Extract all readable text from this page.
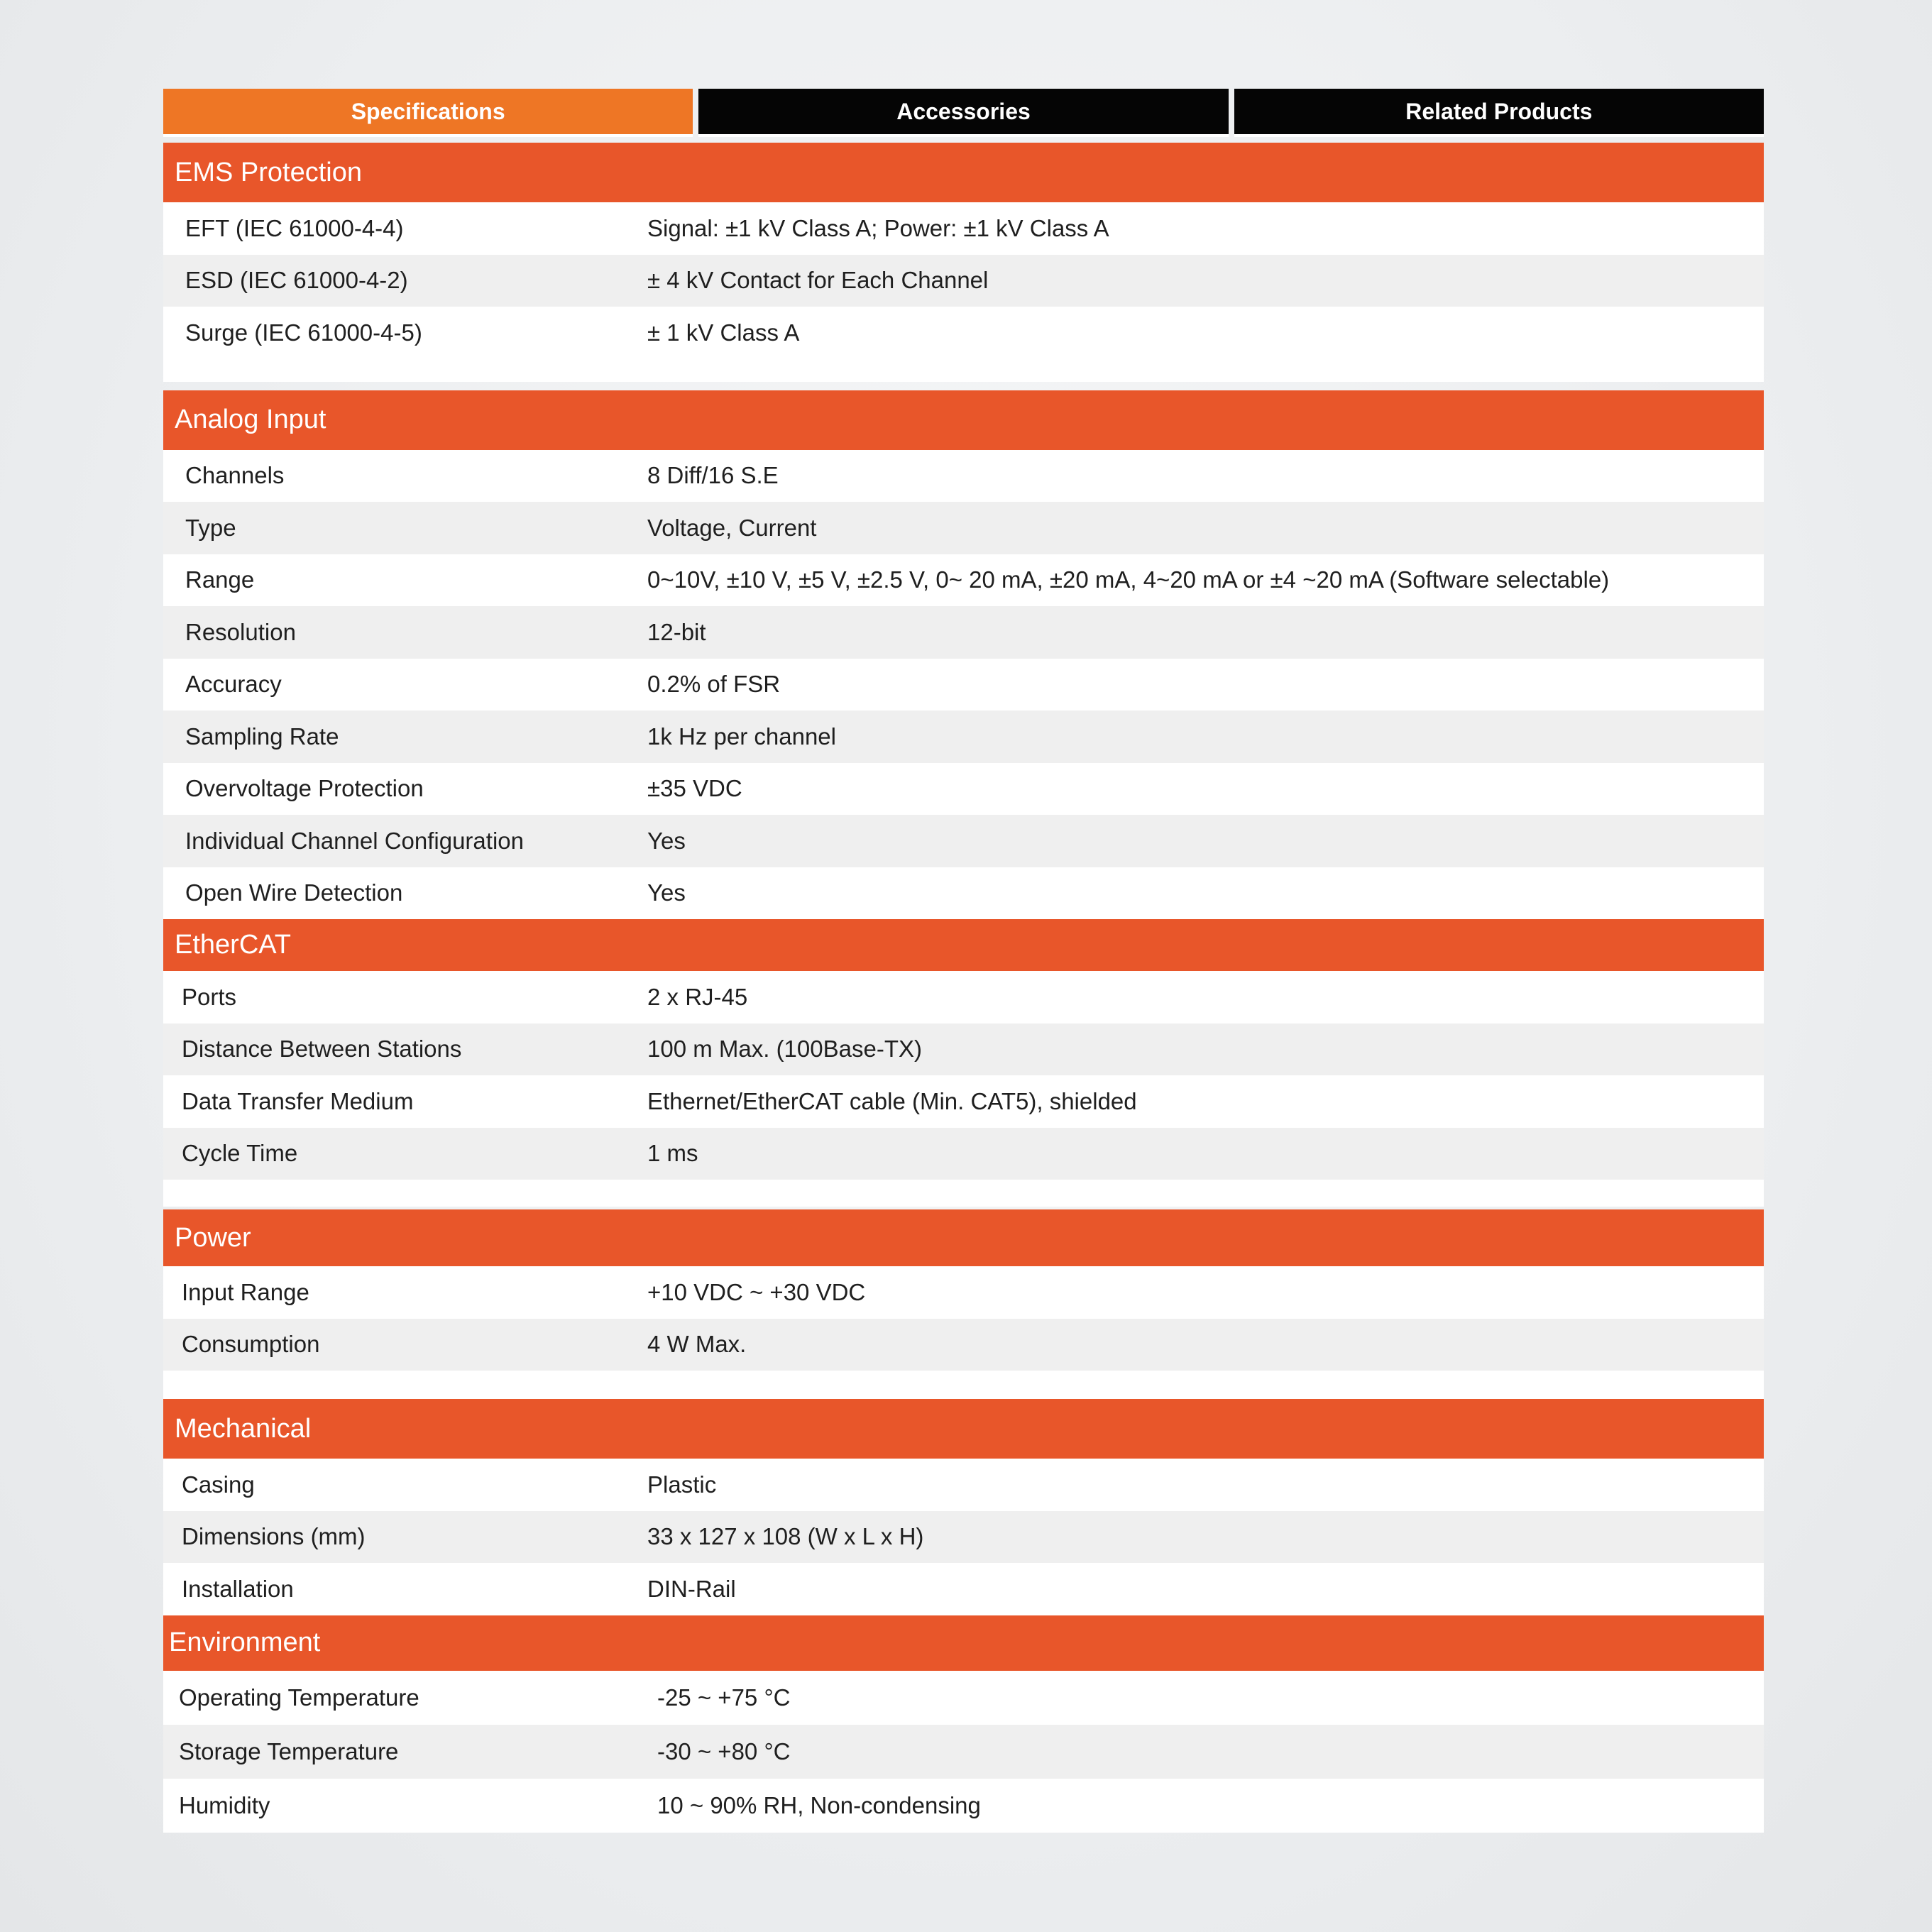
Specifications	Accessories	Related Products
EMS Protection
EFT (IEC 61000-4-4)	Signal: ±1 kV Class A; Power: ±1 kV Class A
ESD (IEC 61000-4-2)	± 4 kV Contact for Each Channel
Surge (IEC 61000-4-5)	± 1 kV Class A
Analog Input
Channels	8 Diff/16 S.E
Type	Voltage, Current
Range	0~10V, ±10 V, ±5 V, ±2.5 V, 0~ 20 mA, ±20 mA, 4~20 mA or ±4 ~20 mA (Software selectable)
Resolution	12-bit
Accuracy	0.2% of FSR
Sampling Rate	1k Hz per channel
Overvoltage Protection	±35 VDC
Individual Channel Configuration	Yes
Open Wire Detection	Yes
EtherCAT
Ports	2 x RJ-45
Distance Between Stations	100 m Max. (100Base-TX)
Data Transfer Medium	Ethernet/EtherCAT cable (Min. CAT5), shielded
Cycle Time	1 ms
Power
Input Range	+10 VDC ~ +30 VDC
Consumption	4 W Max.
Mechanical
Casing	Plastic
Dimensions (mm)	33 x 127 x 108 (W x L x H)
Installation	DIN-Rail
Environment
Operating Temperature	-25 ~ +75 °C
Storage Temperature	-30 ~ +80 °C
Humidity	10 ~ 90% RH, Non-condensing
